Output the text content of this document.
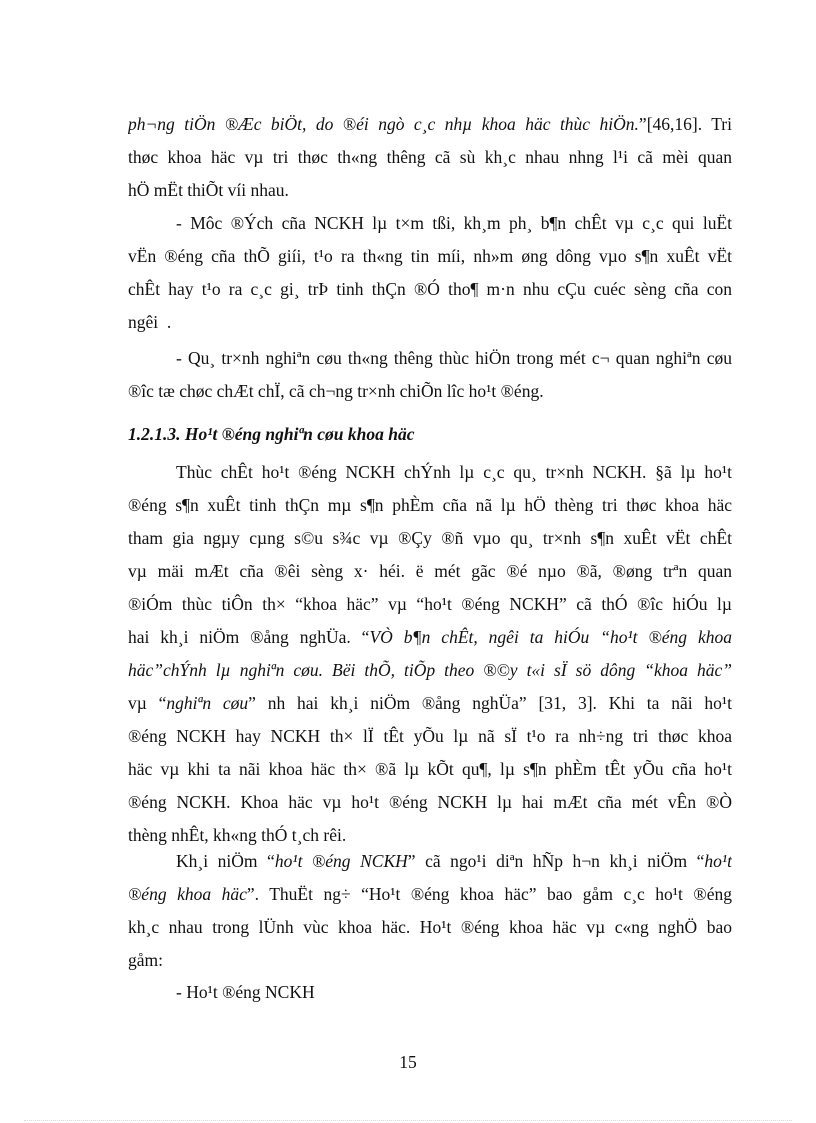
ph¬ng tiÖn ®Æc biÖt, do ®éi ngò c¸c nhµ khoa häc thùc hiÖn.”[46,16]. Tri
thøc khoa häc vµ tri thøc th«ng thêng cã sù kh¸c nhau nhng l¹i cã mèi quan
hÖ mËt thiÕt víi nhau.
- Môc ®Ých cña NCKH lµ t×m tßi, kh¸m ph¸ b¶n chÊt vµ c¸c qui luËt
vËn ®éng cña thÕ giíi, t¹o ra th«ng tin míi, nh»m øng dông vµo s¶n xuÊt vËt
chÊt hay t¹o ra c¸c gi¸ trÞ tinh thÇn ®Ó tho¶ m·n nhu cÇu cuéc sèng cña con
ngêi  .
- Qu¸ tr×nh nghiªn cøu th«ng thêng thùc hiÖn trong mét c¬ quan nghiªn cøu
®îc tæ chøc chÆt chÏ, cã ch¬ng tr×nh chiÕn lîc ho¹t ®éng.
1.2.1.3. Ho¹t ®éng nghiªn cøu khoa häc
Thùc chÊt ho¹t ®éng NCKH chÝnh lµ c¸c qu¸ tr×nh NCKH. §ã lµ ho¹t
®éng s¶n xuÊt tinh thÇn mµ s¶n phÈm cña nã lµ hÖ thèng tri thøc khoa häc
tham gia ngµy cµng s©u s¾c vµ ®Çy ®ñ vµo qu¸ tr×nh s¶n xuÊt vËt chÊt
vµ mäi mÆt cña ®êi sèng x· héi. ë mét gãc ®é nµo ®ã, ®øng trªn quan
®iÓm thùc tiÔn th× “khoa häc” vµ “ho¹t ®éng NCKH” cã thÓ ®îc hiÓu lµ
hai kh¸i niÖm ®ång nghÜa. “VÒ b¶n chÊt, ngêi ta hiÓu “ho¹t ®éng khoa
häc”chÝnh lµ nghiªn cøu. Bëi thÕ, tiÕp theo ®©y t«i sÏ sö dông “khoa häc”
vµ “nghiªn cøu” nh hai kh¸i niÖm ®ång nghÜa” [31, 3]. Khi ta nãi ho¹t
®éng NCKH hay NCKH th× lÏ tÊt yÕu lµ nã sÏ t¹o ra nh÷ng tri thøc khoa
häc vµ khi ta nãi khoa häc th× ®ã lµ kÕt qu¶, lµ s¶n phÈm tÊt yÕu cña ho¹t
®éng NCKH. Khoa häc vµ ho¹t ®éng NCKH lµ hai mÆt cña mét vÊn ®Ò
thèng nhÊt, kh«ng thÓ t¸ch rêi.
Kh¸i niÖm “ho¹t ®éng NCKH” cã ngo¹i diªn hÑp h¬n kh¸i niÖm “ho¹t
®éng khoa häc”. ThuËt ng÷ “Ho¹t ®éng khoa häc” bao gåm c¸c ho¹t ®éng
kh¸c nhau trong lÜnh vùc khoa häc. Ho¹t ®éng khoa häc vµ c«ng nghÖ bao
gåm:
- Ho¹t ®éng NCKH
15
